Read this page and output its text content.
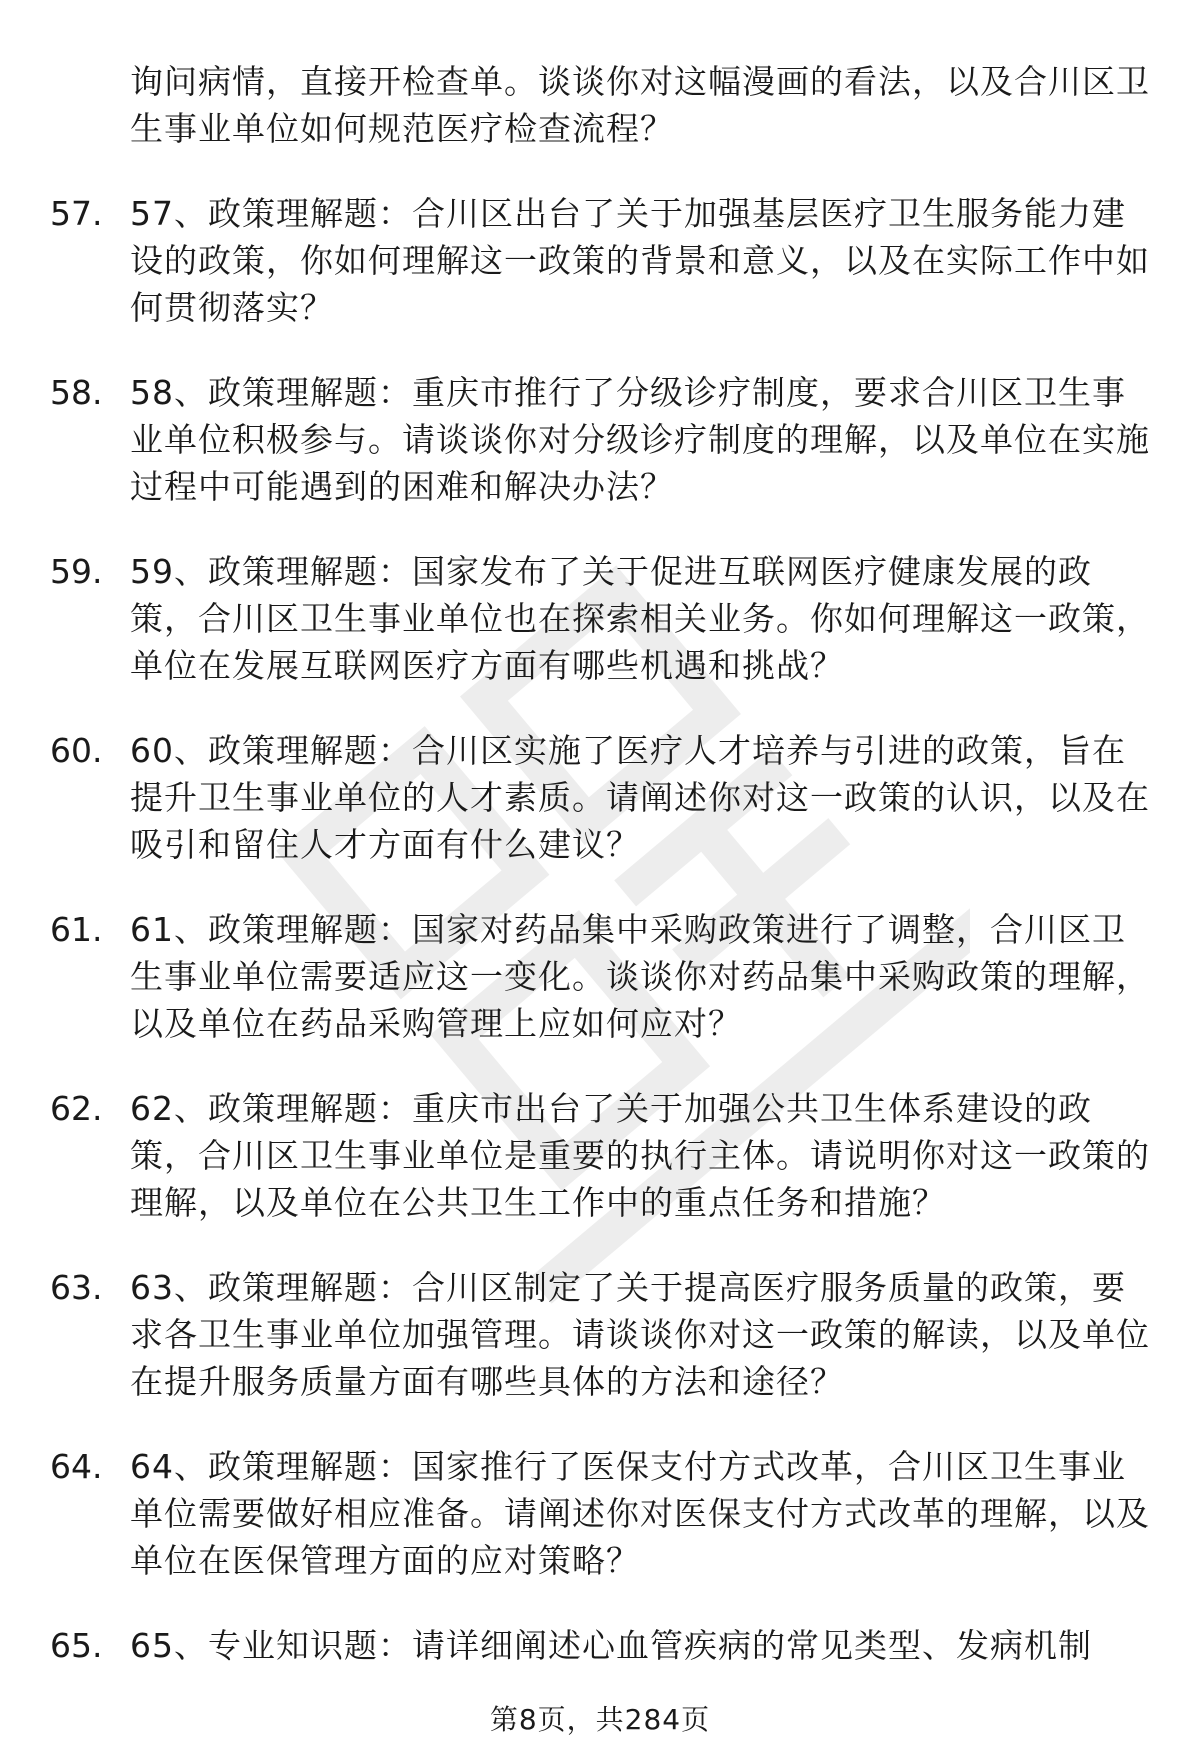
询问病情，直接开检查单。谈谈你对这幅漫画的看法，以及合川区卫生事业单位如何规范医疗检查流程？
57. 57、政策理解题：合川区出台了关于加强基层医疗卫生服务能力建设的政策，你如何理解这一政策的背景和意义，以及在实际工作中如何贯彻落实？
58. 58、政策理解题：重庆市推行了分级诊疗制度，要求合川区卫生事业单位积极参与。请谈谈你对分级诊疗制度的理解，以及单位在实施过程中可能遇到的困难和解决办法？
59. 59、政策理解题：国家发布了关于促进互联网医疗健康发展的政策，合川区卫生事业单位也在探索相关业务。你如何理解这一政策，单位在发展互联网医疗方面有哪些机遇和挑战？
60. 60、政策理解题：合川区实施了医疗人才培养与引进的政策，旨在提升卫生事业单位的人才素质。请阐述你对这一政策的认识，以及在吸引和留住人才方面有什么建议？
61. 61、政策理解题：国家对药品集中采购政策进行了调整，合川区卫生事业单位需要适应这一变化。谈谈你对药品集中采购政策的理解，以及单位在药品采购管理上应如何应对？
62. 62、政策理解题：重庆市出台了关于加强公共卫生体系建设的政策，合川区卫生事业单位是重要的执行主体。请说明你对这一政策的理解，以及单位在公共卫生工作中的重点任务和措施？
63. 63、政策理解题：合川区制定了关于提高医疗服务质量的政策，要求各卫生事业单位加强管理。请谈谈你对这一政策的解读，以及单位在提升服务质量方面有哪些具体的方法和途径？
64. 64、政策理解题：国家推行了医保支付方式改革，合川区卫生事业单位需要做好相应准备。请阐述你对医保支付方式改革的理解，以及单位在医保管理方面的应对策略？
65. 65、专业知识题：请详细阐述心血管疾病的常见类型、发病机制
第8页，共284页
